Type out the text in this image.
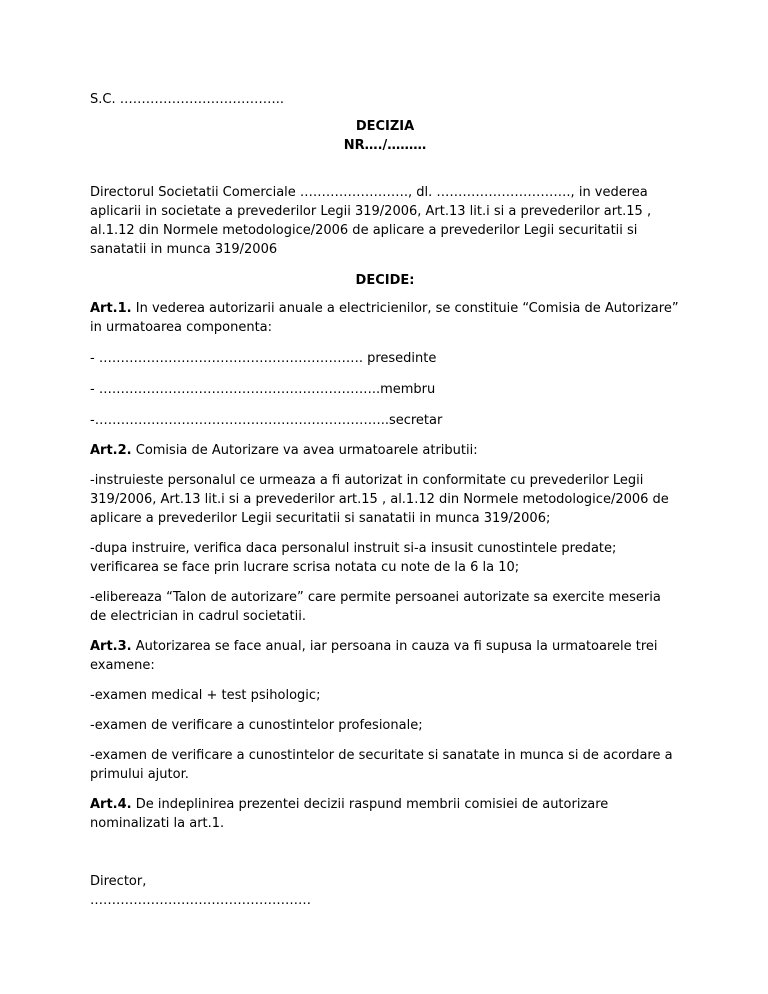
S.C. ………………………………..

DECIZIA

NR…./………

Directorul Societatii Comerciale ……………………., dl. …………………………., in vederea aplicarii in societate a prevederilor Legii 319/2006, Art.13 lit.i si a prevederilor art.15 , al.1.12 din Normele metodologice/2006 de aplicare a prevederilor Legii securitatii si sanatatii in munca 319/2006

DECIDE:

Art.1. In vederea autorizarii anuale a electricienilor, se constituie “Comisia de Autorizare” in urmatoarea componenta:

- ……………………………………………………. presedinte

- ………………………………………………………..membru

-…………………………………………………………..secretar

Art.2. Comisia de Autorizare va avea urmatoarele atributii:

-instruieste personalul ce urmeaza a fi autorizat in conformitate cu prevederilor Legii 319/2006, Art.13 lit.i si a prevederilor art.15 , al.1.12 din Normele metodologice/2006 de aplicare a prevederilor Legii securitatii si sanatatii in munca 319/2006;

-dupa instruire, verifica daca personalul instruit si-a insusit cunostintele predate; verificarea se face prin lucrare scrisa notata cu note de la 6 la 10;

-elibereaza “Talon de autorizare” care permite persoanei autorizate sa exercite meseria de electrician in cadrul societatii.

Art.3. Autorizarea se face anual, iar persoana in cauza va fi supusa la urmatoarele trei examene:

-examen medical + test psihologic;

-examen de verificare a cunostintelor profesionale;

-examen de verificare a cunostintelor de securitate si sanatate in munca si de acordare a primului ajutor.

Art.4. De indeplinirea prezentei decizii raspund membrii comisiei de autorizare nominalizati la art.1.

Director,

……………………………………………
